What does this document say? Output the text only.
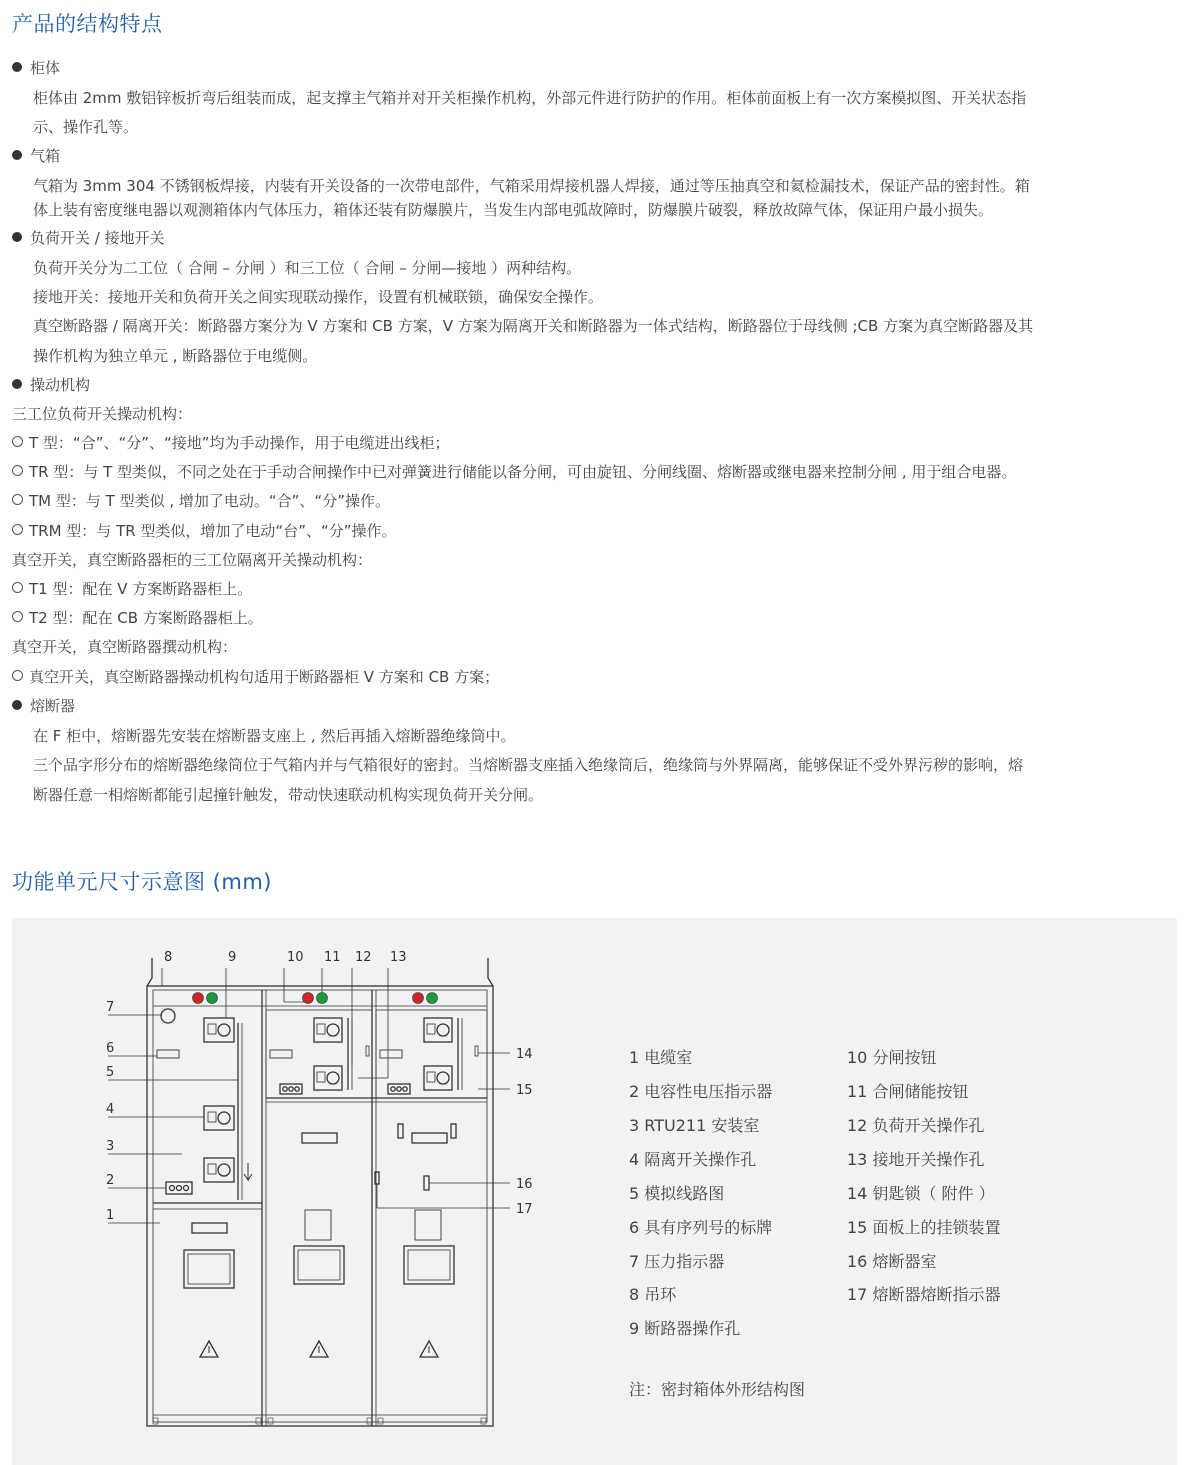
产品的结构特点
柜体
柜体由 2mm 敷铝锌板折弯后组装而成，起支撑主气箱并对开关柜操作机构，外部元件进行防护的作用。柜体前面板上有一次方案模拟图、开关状态指
示、操作孔等。
气箱
气箱为 3mm 304 不锈钢板焊接，内装有开关设备的一次带电部件，气箱采用焊接机器人焊接，通过等压抽真空和氦检漏技术，保证产品的密封性。箱
体上装有密度继电器以观测箱体内气体压力，箱体还装有防爆膜片，当发生内部电弧故障时，防爆膜片破裂，释放故障气体，保证用户最小损失。
负荷开关 / 接地开关
负荷开关分为二工位（ 合闸 – 分闸 ）和三工位（ 合闸 – 分闸—接地 ）两种结构。
接地开关：接地开关和负荷开关之间实现联动操作，设置有机械联锁，确保安全操作。
真空断路器 / 隔离开关：断路器方案分为 V 方案和 CB 方案，V 方案为隔离开关和断路器为一体式结构，断路器位于母线侧 ;CB 方案为真空断路器及其
操作机构为独立单元 , 断路器位于电缆侧。
操动机构
三工位负荷开关操动机构：
T 型：“合”、“分”、“接地”均为手动操作，用于电缆进出线柜；
TR 型：与 T 型类似，不同之处在于手动合闸操作中已对弹簧进行储能以备分闸，可由旋钮、分闸线圈、熔断器或继电器来控制分闸 , 用于组合电器。
TM 型：与 T 型类似 , 增加了电动。“合”、“分”操作。
TRM 型：与 TR 型类似，增加了电动“台”、“分”操作。
真空开关，真空断路器柜的三工位隔离开关操动机构：
T1 型：配在 V 方案断路器柜上。
T2 型：配在 CB 方案断路器柜上。
真空开关，真空断路器撰动机构：
真空开关，真空断路器操动机构句适用于断路器柜 V 方案和 CB 方案；
熔断器
在 F 柜中，熔断器先安装在熔断器支座上 , 然后再插入熔断器绝缘筒中。
三个品字形分布的熔断器绝缘筒位于气箱内并与气箱很好的密封。当熔断器支座插入绝缘筒后，绝缘筒与外界隔离，能够保证不受外界污秽的影响，熔
断器任意一相熔断都能引起撞针触发，带动快速联动机构实现负荷开关分闸。
功能单元尺寸示意图 (mm)
8	9	10 11 12 13
7
6
5
4
3
2
1
14
15
16
17
注：密封箱体外形结构图
1 电缆室
2 电容性电压指示器
3 RTU211 安装室
4 隔离开关操作孔
5 模拟线路图
6 具有序列号的标牌
7 压力指示器
8 吊环
9 断路器操作孔
10 分闸按钮
11 合闸储能按钮
12 负荷开关操作孔
13 接地开关操作孔
14 钥匙锁（ 附件 ）
15 面板上的挂锁装置
16 熔断器室
17 熔断器熔断指示器
